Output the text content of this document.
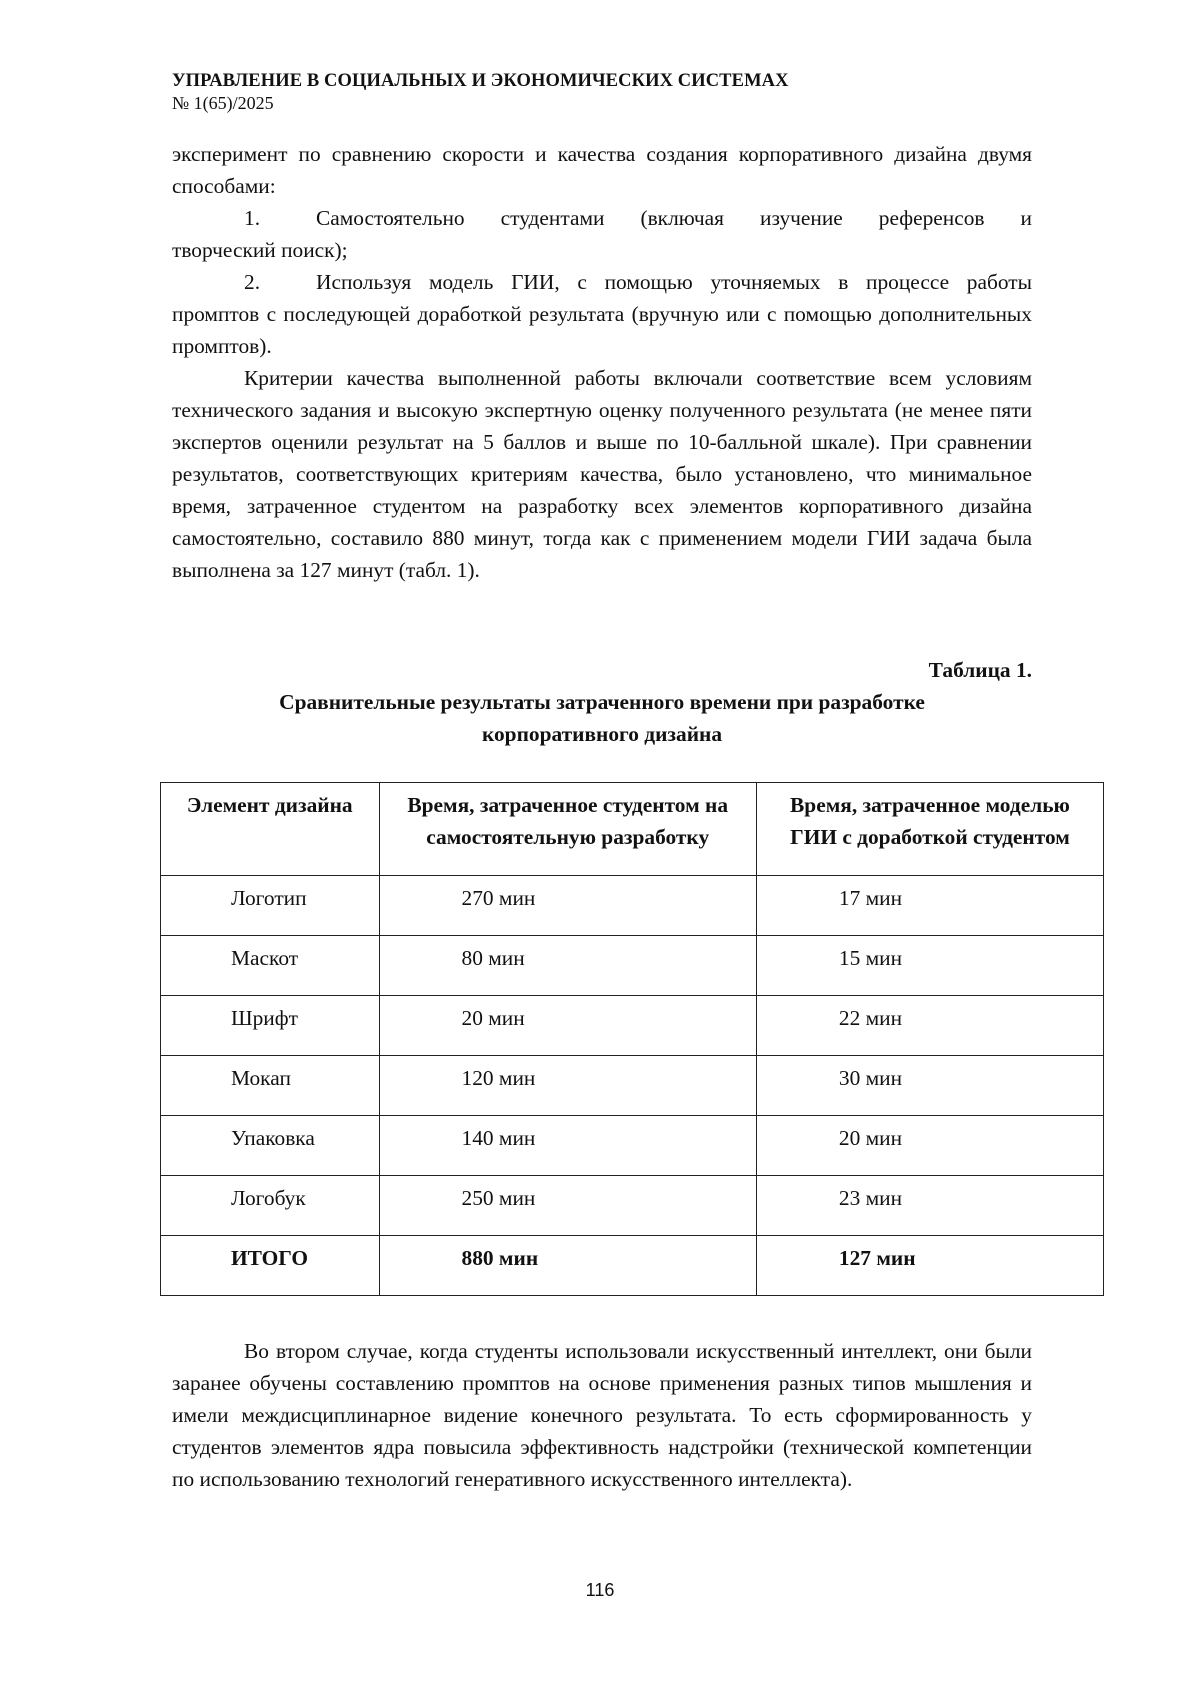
УПРАВЛЕНИЕ В СОЦИАЛЬНЫХ И ЭКОНОМИЧЕСКИХ СИСТЕМАХ
№ 1(65)/2025

эксперимент по сравнению скорости и качества создания корпоративного дизайна двумя способами:

1.	Самостоятельно студентами (включая изучение референсов и

творческий поиск);

2.	Используя модель ГИИ, с помощью уточняемых в процессе работы

промптов с последующей доработкой результата (вручную или с помощью дополнительных промптов).

Критерии качества выполненной работы включали соответствие всем условиям технического задания и высокую экспертную оценку полученного результата (не менее пяти экспертов оценили результат на 5 баллов и выше по 10-балльной шкале). При сравнении результатов, соответствующих критериям качества, было установлено, что минимальное время, затраченное студентом на разработку всех элементов корпоративного дизайна самостоятельно, составило 880 минут, тогда как с применением модели ГИИ задача была выполнена за 127 минут (табл. 1).

Таблица 1.
Сравнительные результаты затраченного времени при разработке корпоративного дизайна
Элемент дизайна	Время, затраченное студентом на самостоятельную разработку	Время, затраченное моделью ГИИ с доработкой студентом
Логотип	270 мин	17 мин
Маскот	80 мин	15 мин
Шрифт	20 мин	22 мин
Мокап	120 мин	30 мин
Упаковка	140 мин	20 мин
Логобук	250 мин	23 мин
ИТОГО	880 мин	127 мин

Во втором случае, когда студенты использовали искусственный интеллект, они были заранее обучены составлению промптов на основе применения разных типов мышления и имели междисциплинарное видение конечного результата. То есть сформированность у студентов элементов ядра повысила эффективность надстройки (технической компетенции по использованию технологий генеративного искусственного интеллекта).

116
